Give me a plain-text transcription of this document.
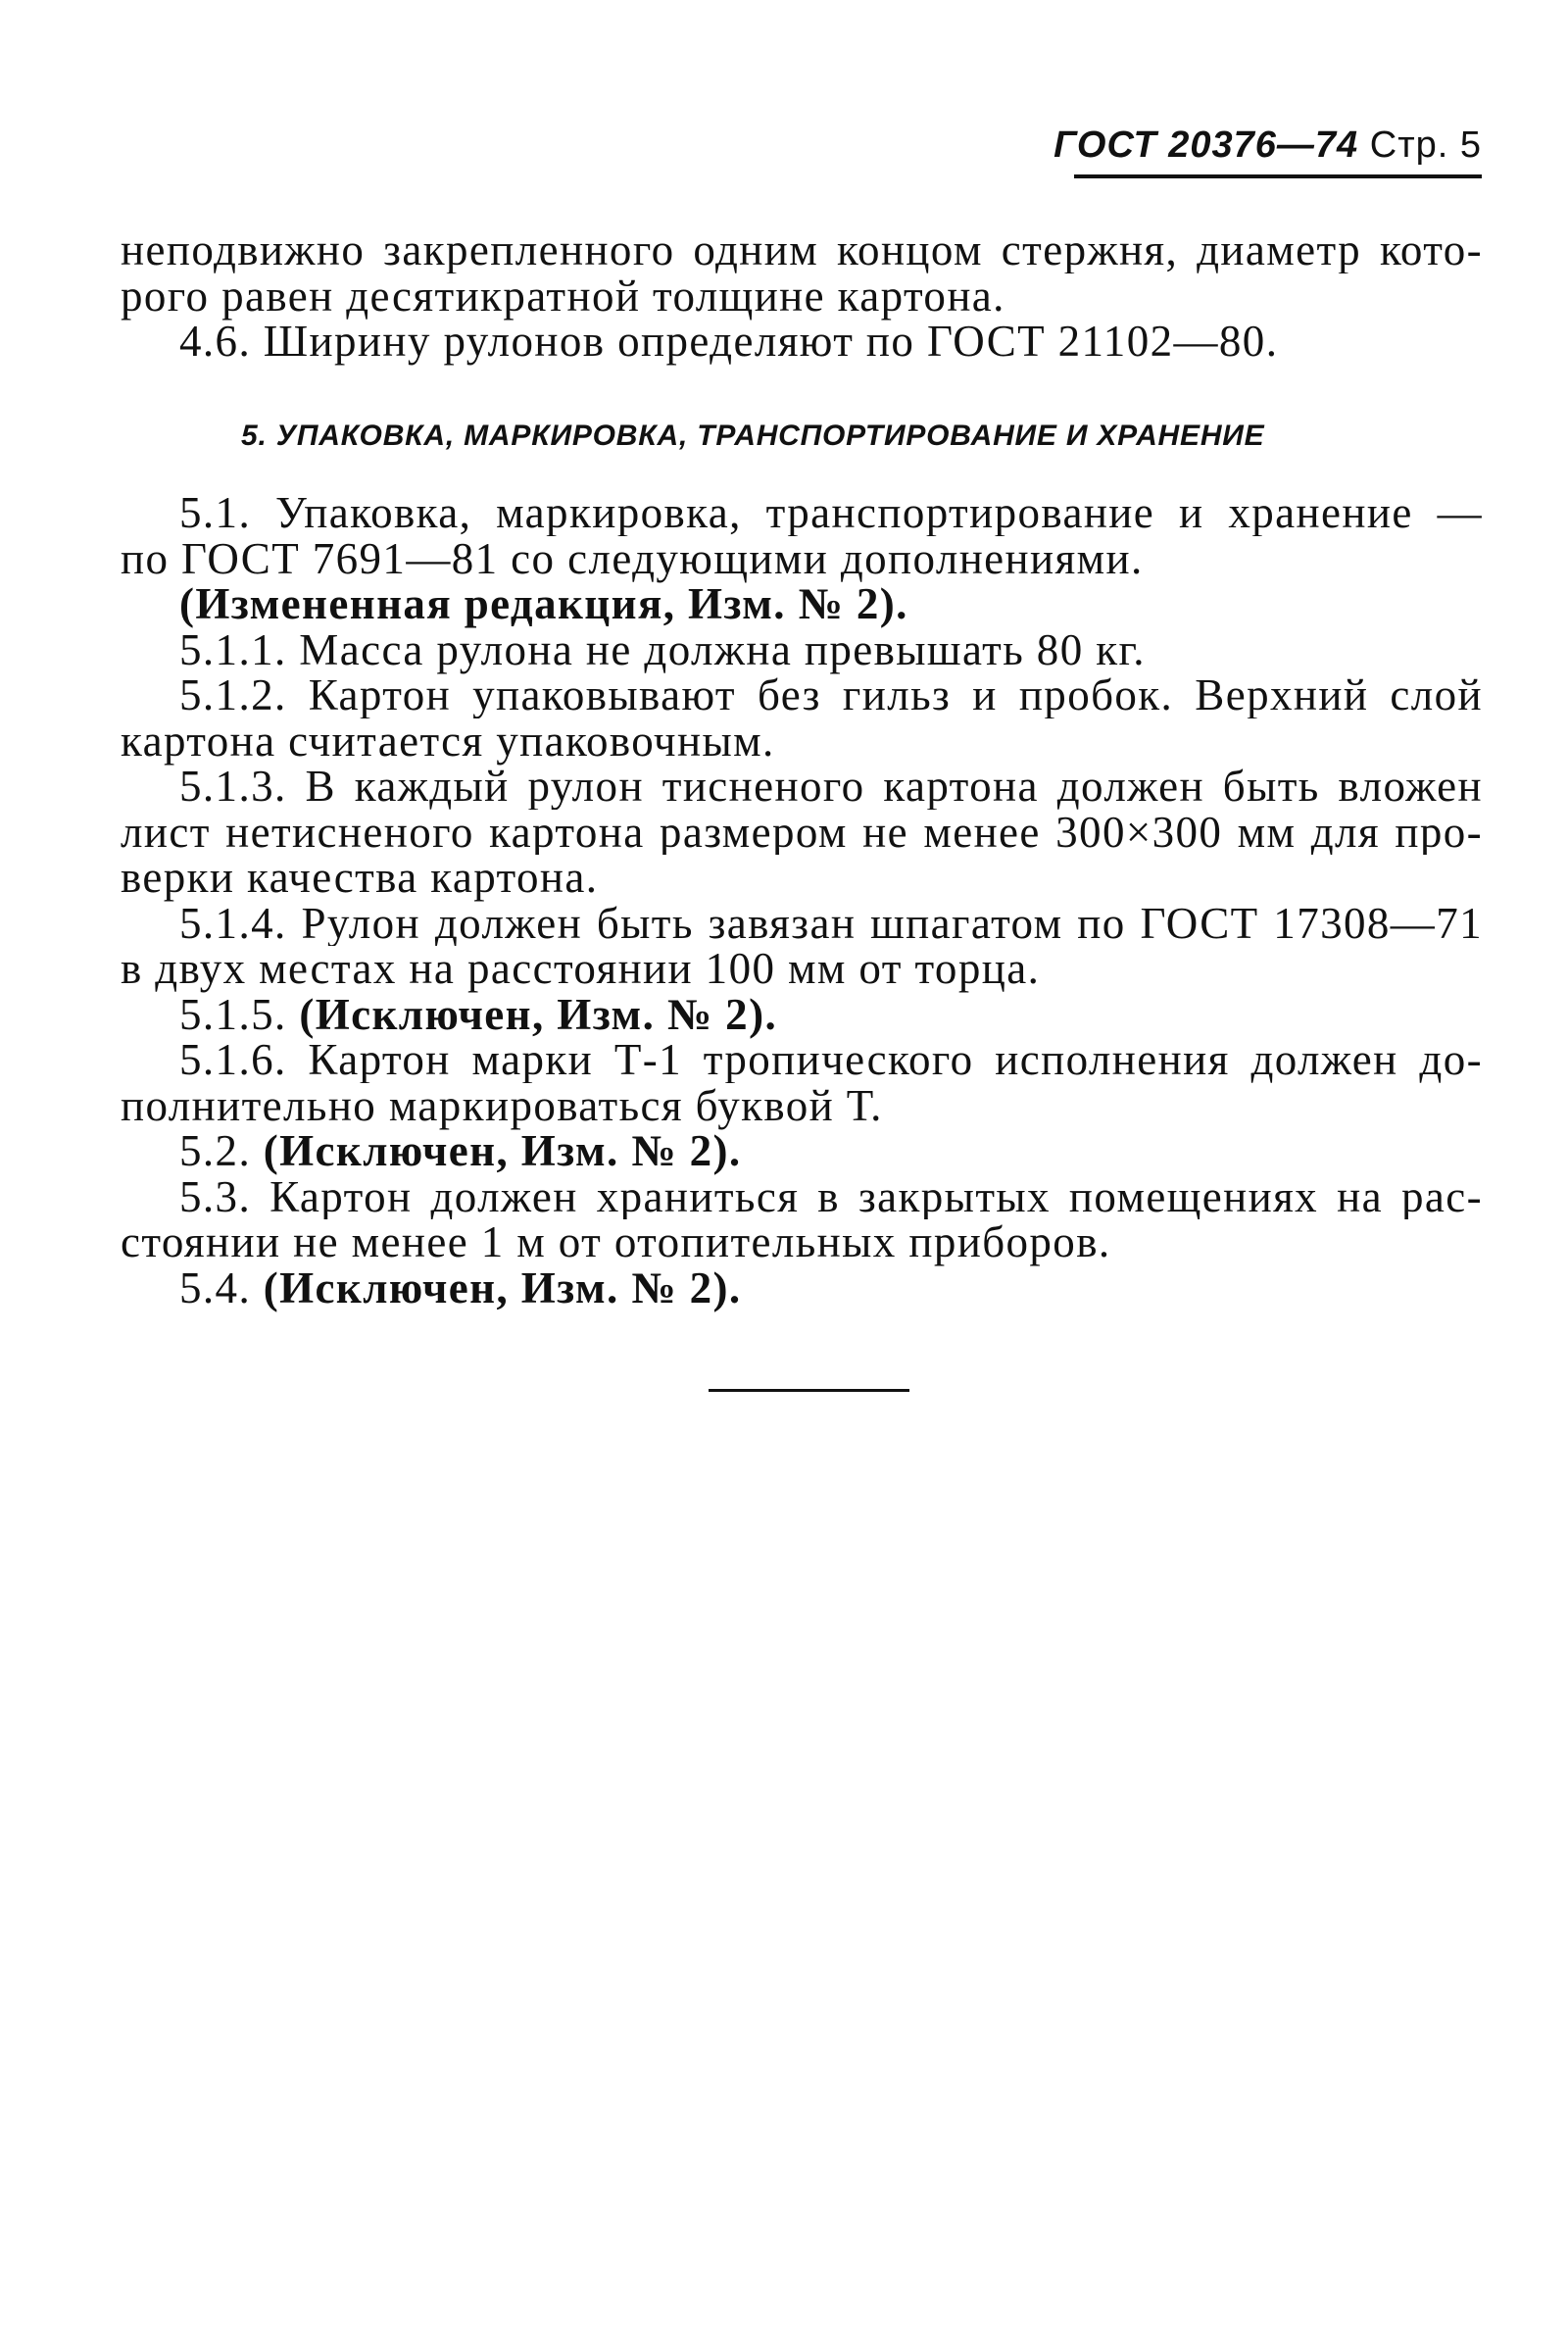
ГОСТ 20376—74 Стр. 5
неподвижно закрепленного одним концом стержня, диаметр кото-
рого равен десятикратной толщине картона.
4.6. Ширину рулонов определяют по ГОСТ 21102—80.
5. УПАКОВКА, МАРКИРОВКА, ТРАНСПОРТИРОВАНИЕ И ХРАНЕНИЕ
5.1. Упаковка, маркировка, транспортирование и хранение —
по ГОСТ 7691—81 со следующими дополнениями.
(Измененная редакция, Изм. № 2).
5.1.1. Масса рулона не должна превышать 80 кг.
5.1.2. Картон упаковывают без гильз и пробок. Верхний слой
картона считается упаковочным.
5.1.3. В каждый рулон тисненого картона должен быть вложен
лист нетисненого картона размером не менее 300×300 мм для про-
верки качества картона.
5.1.4. Рулон должен быть завязан шпагатом по ГОСТ 17308—71
в двух местах на расстоянии 100 мм от торца.
5.1.5. (Исключен, Изм. № 2).
5.1.6. Картон марки Т-1 тропического исполнения должен до-
полнительно маркироваться буквой Т.
5.2. (Исключен, Изм. № 2).
5.3. Картон должен храниться в закрытых помещениях на рас-
стоянии не менее 1 м от отопительных приборов.
5.4. (Исключен, Изм. № 2).
